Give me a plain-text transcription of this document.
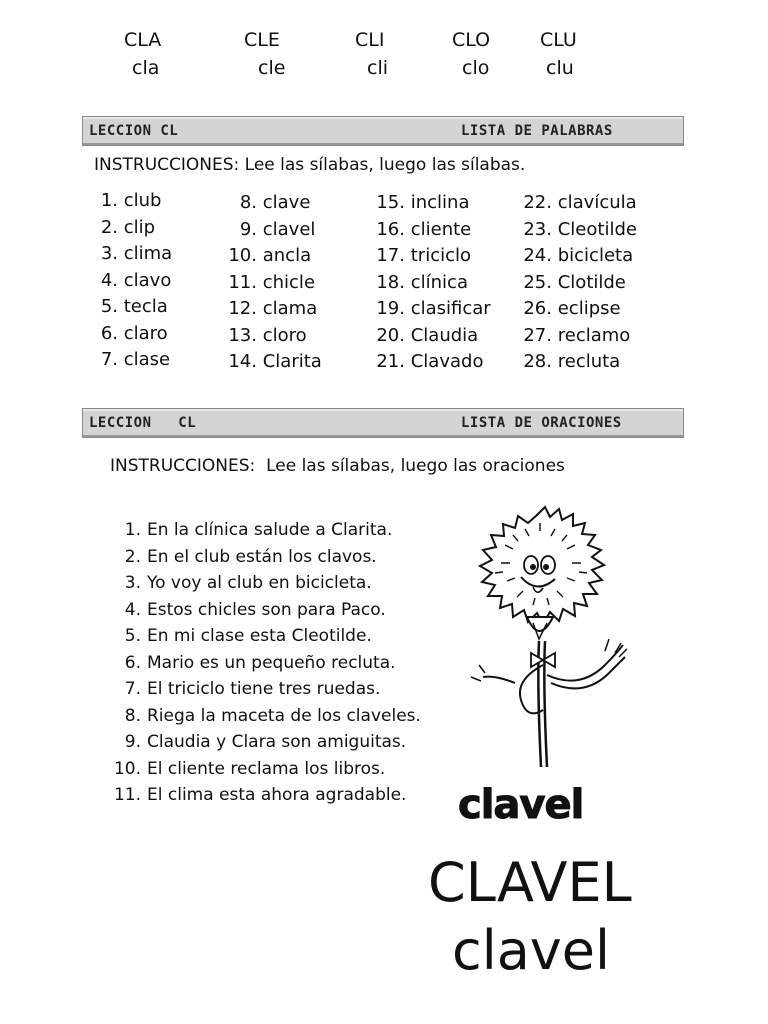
CLA	CLE	CLI	CLO	CLU
cla	cle	cli	clo	clu
LECCION CL	LISTA DE PALABRAS
INSTRUCCIONES: Lee las sílabas, luego las sílabas.
1. club
2. clip
3. clima
4. clavo
5. tecla
6. claro
7. clase
8. clave
9. clavel
10. ancla
11. chicle
12. clama
13. cloro
14. Clarita
15. inclina
16. cliente
17. triciclo
18. clínica
19. clasificar
20. Claudia
21. Clavado
22. clavícula
23. Cleotilde
24. bicicleta
25. Clotilde
26. eclipse
27. reclamo
28. recluta
LECCION   CL	LISTA DE ORACIONES
INSTRUCCIONES:  Lee las sílabas, luego las oraciones
1. En la clínica salude a Clarita.
2. En el club están los clavos.
3. Yo voy al club en bicicleta.
4. Estos chicles son para Paco.
5. En mi clase esta Cleotilde.
6. Mario es un pequeño recluta.
7. El triciclo tiene tres ruedas.
8. Riega la maceta de los claveles.
9. Claudia y Clara son amiguitas.
10. El cliente reclama los libros.
11. El clima esta ahora agradable.	clavel
CLAVEL
clavel
